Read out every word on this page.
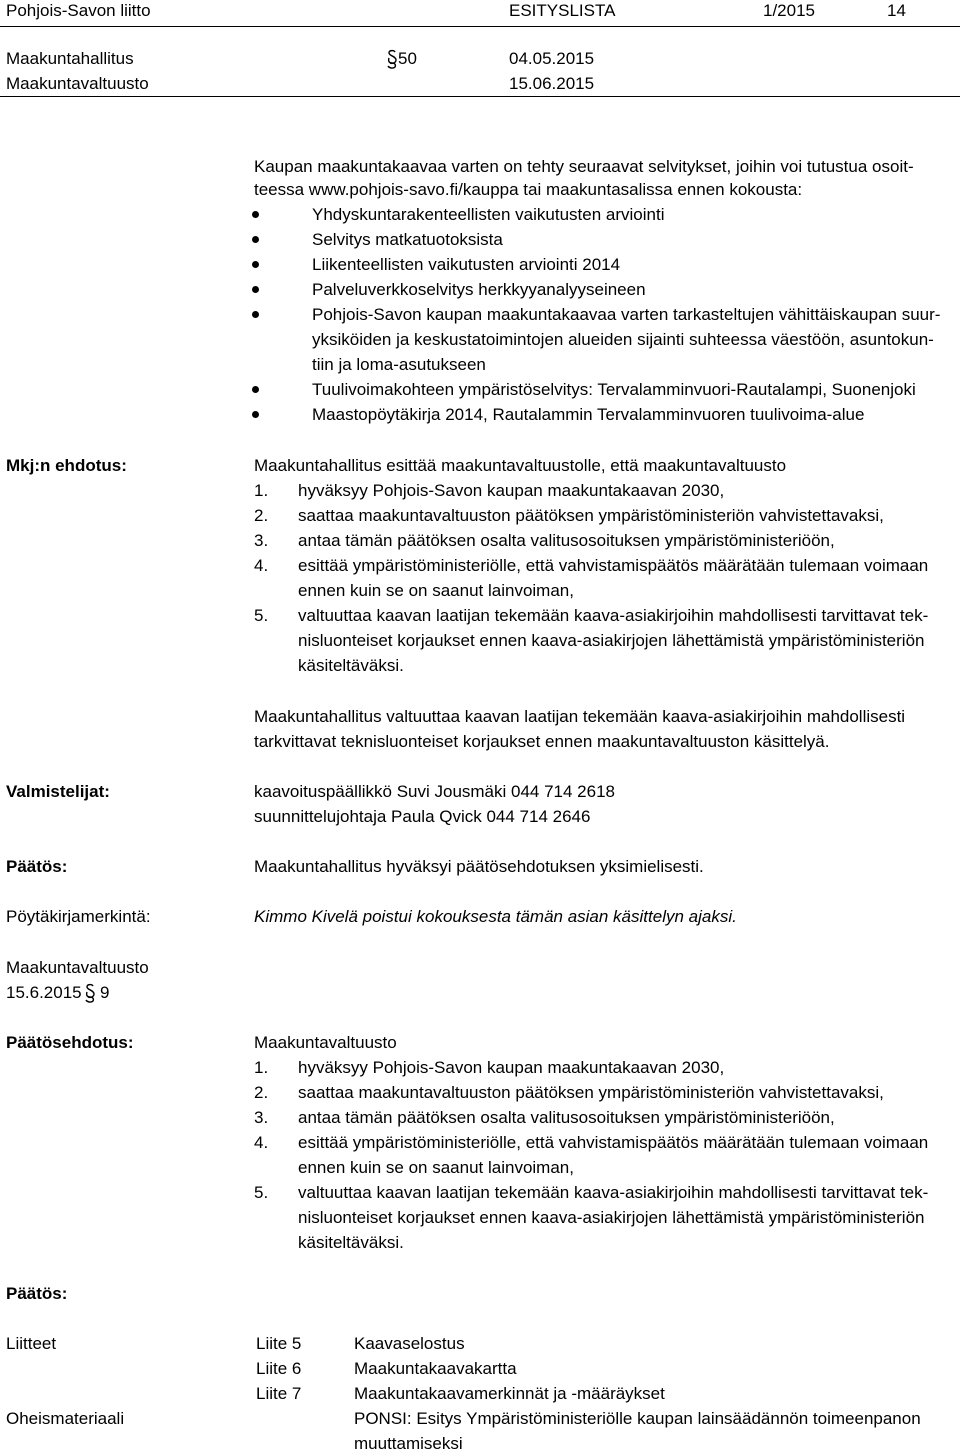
Pohjois-Savon liitto	ESITYSLISTA	1/2015	14
Maakuntahallitus	50	04.05.2015
Maakuntavaltuusto	15.06.2015
Kaupan maakuntakaavaa varten on tehty seuraavat selvitykset, joihin voi tutustua osoit-
teessa www.pohjois-savo.fi/kauppa tai maakuntasalissa ennen kokousta:
Yhdyskuntarakenteellisten vaikutusten arviointi
Selvitys matkatuotoksista
Liikenteellisten vaikutusten arviointi 2014
Palveluverkkoselvitys herkkyyanalyyseineen
Pohjois-Savon kaupan maakuntakaavaa varten tarkasteltujen vähittäiskaupan suur-
yksiköiden ja keskustatoimintojen alueiden sijainti suhteessa väestöön, asuntokun-
tiin ja loma-asutukseen
Tuulivoimakohteen ympäristöselvitys: Tervalamminvuori-Rautalampi, Suonenjoki
Maastopöytäkirja 2014, Rautalammin Tervalamminvuoren tuulivoima-alue
Mkj:n ehdotus:	Maakuntahallitus esittää maakuntavaltuustolle, että maakuntavaltuusto
1. hyväksyy Pohjois-Savon kaupan maakuntakaavan 2030,
2. saattaa maakuntavaltuuston päätöksen ympäristöministeriön vahvistettavaksi,
3. antaa tämän päätöksen osalta valitusosoituksen ympäristöministeriöön,
4. esittää ympäristöministeriölle, että vahvistamispäätös määrätään tulemaan voimaan
ennen kuin se on saanut lainvoiman,
5. valtuuttaa kaavan laatijan tekemään kaava-asiakirjoihin mahdollisesti tarvittavat tek-
nisluonteiset korjaukset ennen kaava-asiakirjojen lähettämistä ympäristöministeriön
käsiteltäväksi.
Maakuntahallitus valtuuttaa kaavan laatijan tekemään kaava-asiakirjoihin mahdollisesti
tarkvittavat teknisluonteiset korjaukset ennen maakuntavaltuuston käsittelyä.
Valmistelijat:	kaavoituspäällikkö Suvi Jousmäki 044 714 2618
suunnittelujohtaja Paula Qvick 044 714 2646
Päätös:	Maakuntahallitus hyväksyi päätösehdotuksen yksimielisesti.
Pöytäkirjamerkintä:	Kimmo Kivelä poistui kokouksesta tämän asian käsittelyn ajaksi.
Maakuntavaltuusto
15.6.2015 9
Päätösehdotus:	Maakuntavaltuusto
1. hyväksyy Pohjois-Savon kaupan maakuntakaavan 2030,
2. saattaa maakuntavaltuuston päätöksen ympäristöministeriön vahvistettavaksi,
3. antaa tämän päätöksen osalta valitusosoituksen ympäristöministeriöön,
4. esittää ympäristöministeriölle, että vahvistamispäätös määrätään tulemaan voimaan
ennen kuin se on saanut lainvoiman,
5. valtuuttaa kaavan laatijan tekemään kaava-asiakirjoihin mahdollisesti tarvittavat tek-
nisluonteiset korjaukset ennen kaava-asiakirjojen lähettämistä ympäristöministeriön
käsiteltäväksi.
Päätös:
Liitteet	Liite 5	Kaavaselostus
Liite 6	Maakuntakaavakartta
Liite 7	Maakuntakaavamerkinnät ja -määräykset
Oheismateriaali	PONSI: Esitys Ympäristöministeriölle kaupan lainsäädännön toimeenpanon
muuttamiseksi
